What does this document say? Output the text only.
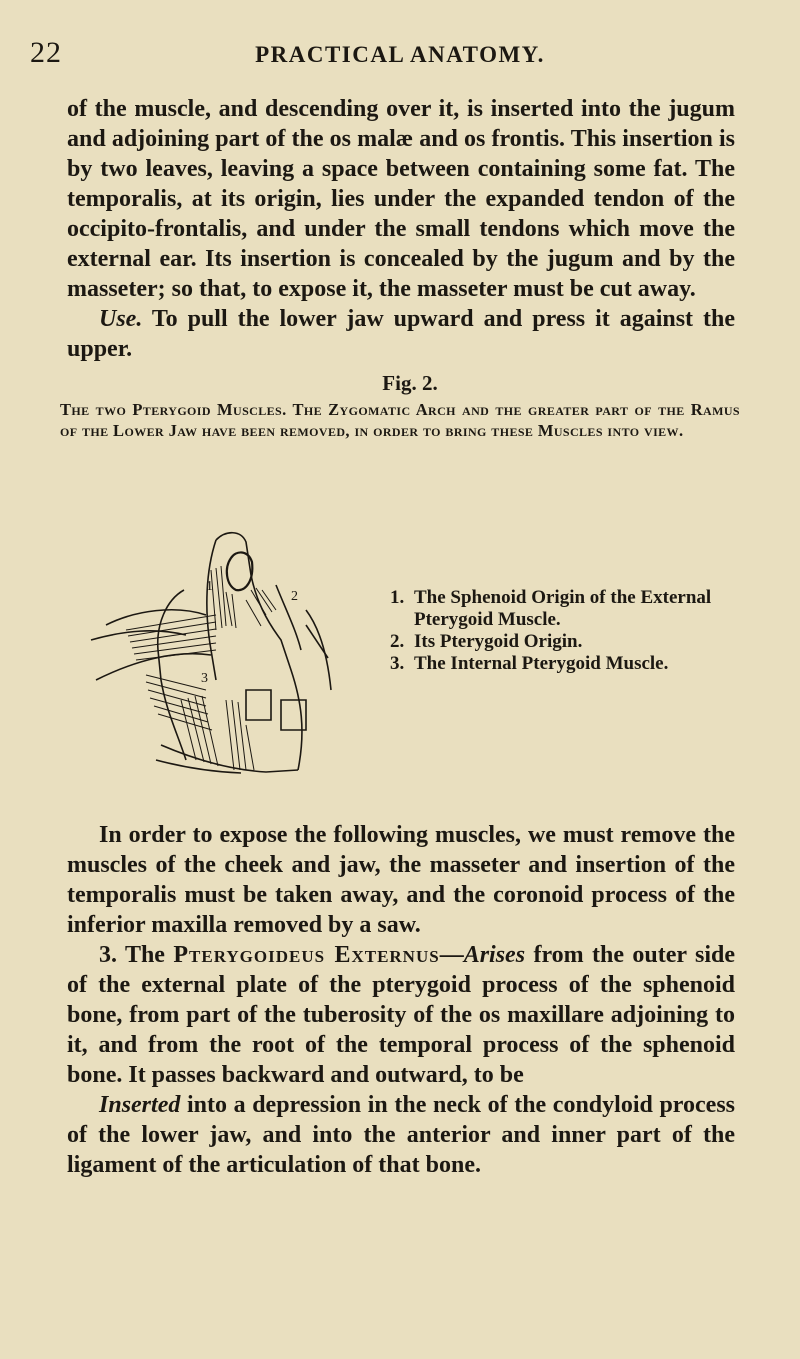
22	PRACTICAL ANATOMY.

of the muscle, and descending over it, is inserted into the jugum and adjoining part of the os malæ and os frontis. This insertion is by two leaves, leaving a space between containing some fat. The temporalis, at its origin, lies under the expanded tendon of the occipito-frontalis, and under the small tendons which move the external ear. Its insertion is concealed by the jugum and by the masseter; so that, to expose it, the masseter must be cut away.

Use. To pull the lower jaw upward and press it against the upper.

Fig. 2.
The two Pterygoid Muscles. The Zygomatic Arch and the greater part of the Ramus of the Lower Jaw have been removed, in order to bring these Muscles into view.
1
2
3
1. The Sphenoid Origin of the External Pterygoid Muscle.
2. Its Pterygoid Origin.
3. The Internal Pterygoid Muscle.

In order to expose the following muscles, we must remove the muscles of the cheek and jaw, the masseter and insertion of the temporalis must be taken away, and the coronoid process of the inferior maxilla removed by a saw.

3. The Pterygoideus Externus—Arises from the outer side of the external plate of the pterygoid process of the sphenoid bone, from part of the tuberosity of the os maxillare adjoining to it, and from the root of the temporal process of the sphenoid bone. It passes backward and outward, to be

Inserted into a depression in the neck of the condyloid process of the lower jaw, and into the anterior and inner part of the ligament of the articulation of that bone.
